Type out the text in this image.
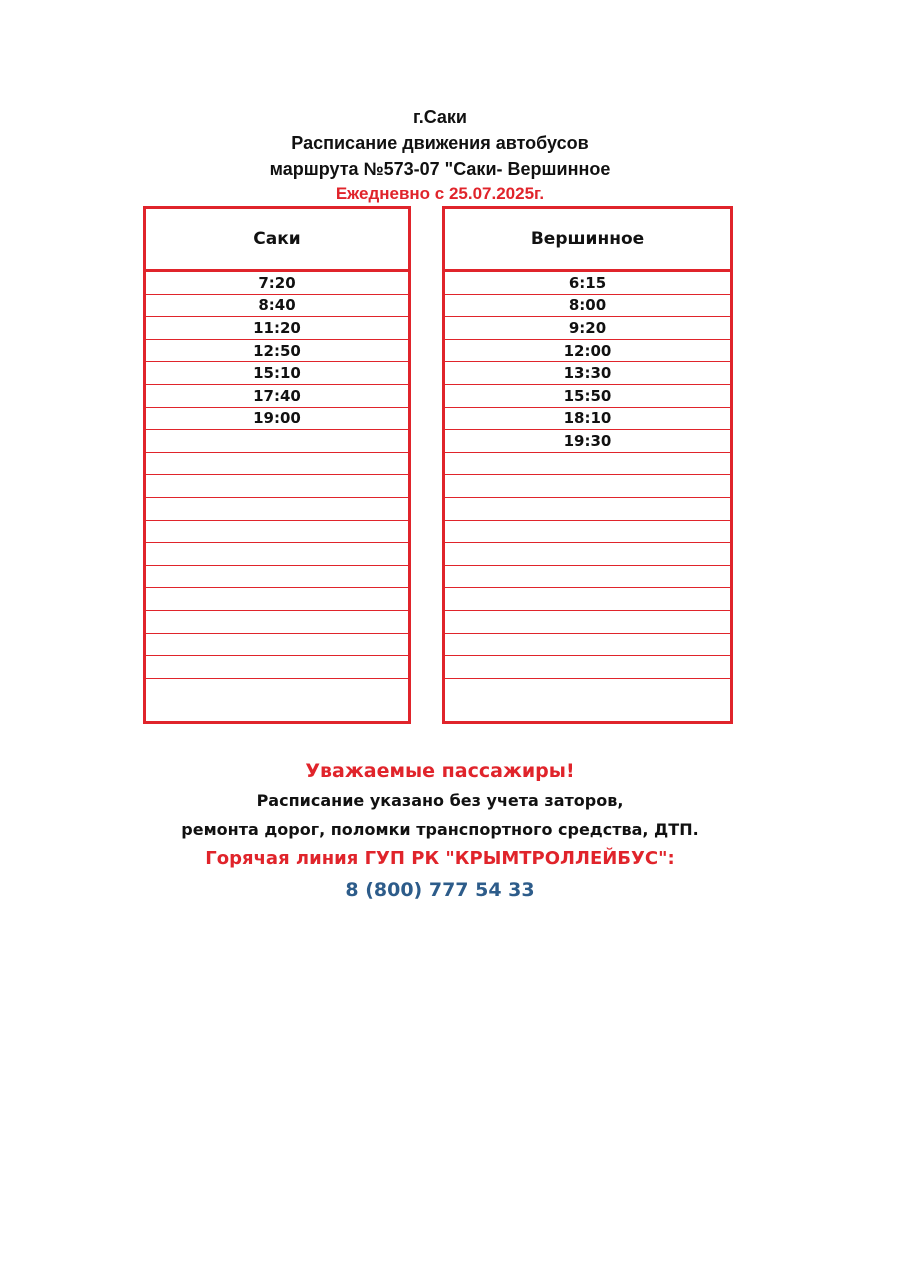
г.Саки
Расписание движения автобусов
маршрута №573-07 "Саки- Вершинное
Ежедневно с 25.07.2025г.
Саки
7:20
8:40
11:20
12:50
15:10
17:40
19:00
Вершинное
6:15
8:00
9:20
12:00
13:30
15:50
18:10
19:30
Уважаемые пассажиры!
Расписание указано без учета заторов,
ремонта дорог, поломки транспортного средства, ДТП.
Горячая линия ГУП РК "КРЫМТРОЛЛЕЙБУС":
8 (800) 777 54 33
